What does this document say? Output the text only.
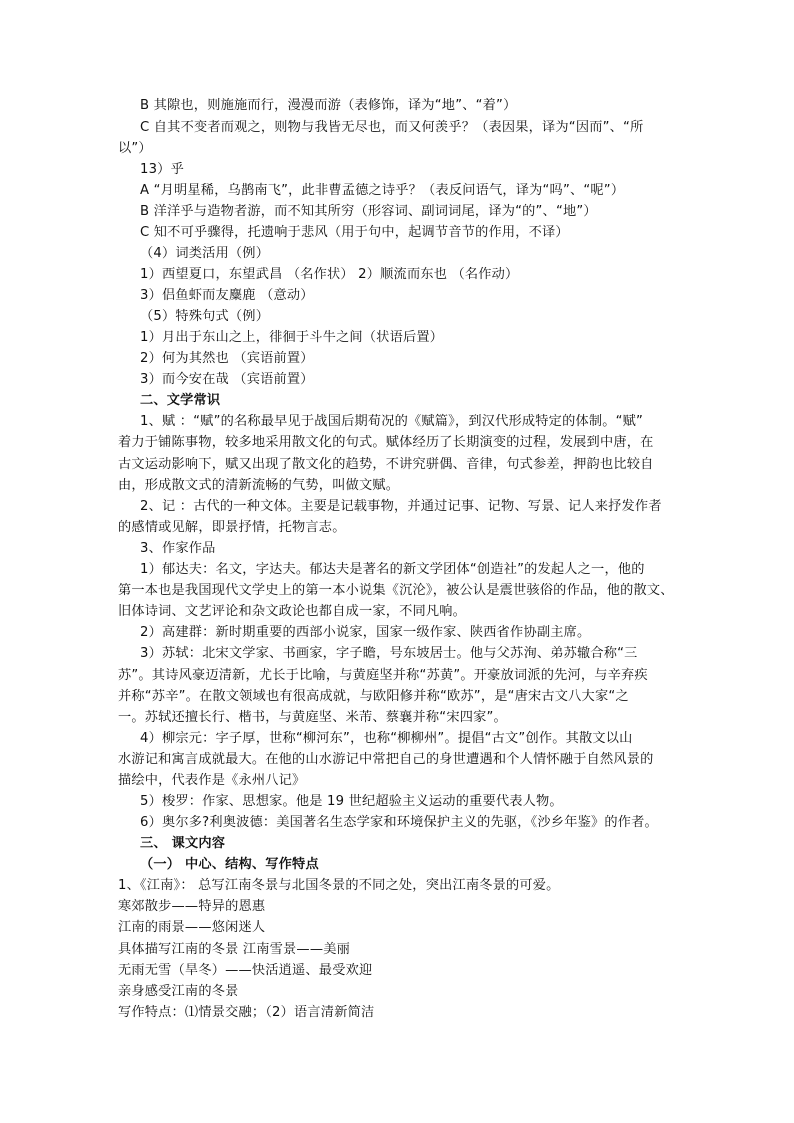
B 其隙也，则施施而行，漫漫而游（表修饰，译为“地”、“着”）
C 自其不变者而观之，则物与我皆无尽也，而又何羡乎？（表因果，译为“因而”、“所
以”）
13）乎
A “月明星稀，乌鹊南飞”，此非曹孟德之诗乎？（表反问语气，译为“吗”、“呢”）
B 洋洋乎与造物者游，而不知其所穷（形容词、副词词尾，译为“的”、“地”）
C 知不可乎骤得，托遗响于悲风（用于句中，起调节音节的作用，不译）
（4）词类活用（例）
1）西望夏口，东望武昌 （名作状） 2）顺流而东也 （名作动）
3）侣鱼虾而友麋鹿 （意动）
（5）特殊句式（例）
1）月出于东山之上，徘徊于斗牛之间（状语后置）
2）何为其然也 （宾语前置）
3）而今安在哉 （宾语前置）
二、文学常识
1、赋 ：“赋”的名称最早见于战国后期荀况的《赋篇》，到汉代形成特定的体制。“赋”
着力于铺陈事物，较多地采用散文化的句式。赋体经历了长期演变的过程，发展到中唐，在
古文运动影响下，赋又出现了散文化的趋势，不讲究骈偶、音律，句式参差，押韵也比较自
由，形成散文式的清新流畅的气势，叫做文赋。
2、记 ：古代的一种文体。主要是记载事物，并通过记事、记物、写景、记人来抒发作者
的感情或见解，即景抒情，托物言志。
3、作家作品
1）郁达夫：名文，字达夫。郁达夫是著名的新文学团体“创造社”的发起人之一，他的
第一本也是我国现代文学史上的第一本小说集《沉沦》，被公认是震世骇俗的作品，他的散文、
旧体诗词、文艺评论和杂文政论也都自成一家，不同凡响。
2）高建群：新时期重要的西部小说家，国家一级作家、陕西省作协副主席。
3）苏轼：北宋文学家、书画家，字子瞻，号东坡居士。他与父苏洵、弟苏辙合称“三
苏”。其诗风豪迈清新，尤长于比喻，与黄庭坚并称“苏黄”。开豪放词派的先河，与辛弃疾
并称“苏辛”。在散文领域也有很高成就，与欧阳修并称“欧苏”，是“唐宋古文八大家“之
一。苏轼还擅长行、楷书，与黄庭坚、米芾、蔡襄并称“宋四家”。
4）柳宗元：字子厚，世称“柳河东”，也称“柳柳州”。提倡“古文”创作。其散文以山
水游记和寓言成就最大。在他的山水游记中常把自己的身世遭遇和个人情怀融于自然风景的
描绘中，代表作是《永州八记》
5）梭罗：作家、思想家。他是 19 世纪超验主义运动的重要代表人物。
6）奥尔多?利奥波德：美国著名生态学家和环境保护主义的先驱，《沙乡年鉴》的作者。
三、 课文内容
（一） 中心、结构、写作特点
1、《江南》： 总写江南冬景与北国冬景的不同之处，突出江南冬景的可爱。
寒郊散步——特异的恩惠
江南的雨景——悠闲迷人
具体描写江南的冬景 江南雪景——美丽
无雨无雪（旱冬）——快活逍遥、最受欢迎
亲身感受江南的冬景
写作特点：⑴情景交融；（2）语言清新简洁
